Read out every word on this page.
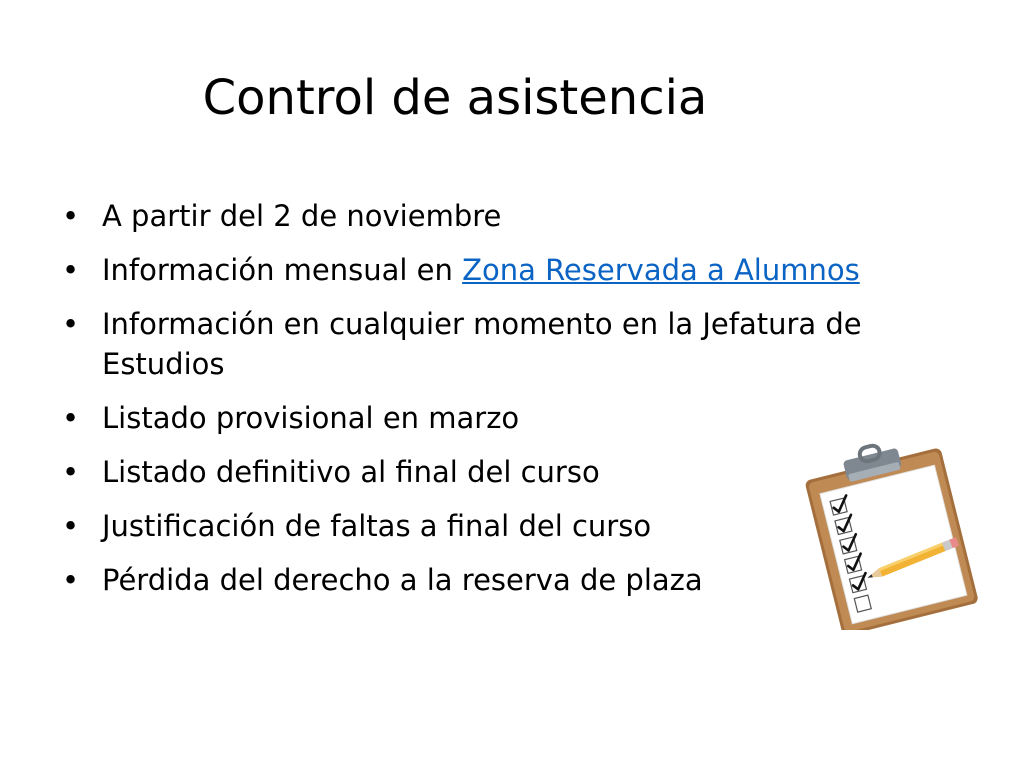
Control de asistencia
• A partir del 2 de noviembre
• Información mensual en Zona Reservada a Alumnos
• Información en cualquier momento en la Jefatura de Estudios
• Listado provisional en marzo
• Listado definitivo al final del curso
• Justificación de faltas a final del curso
• Pérdida del derecho a la reserva de plaza
